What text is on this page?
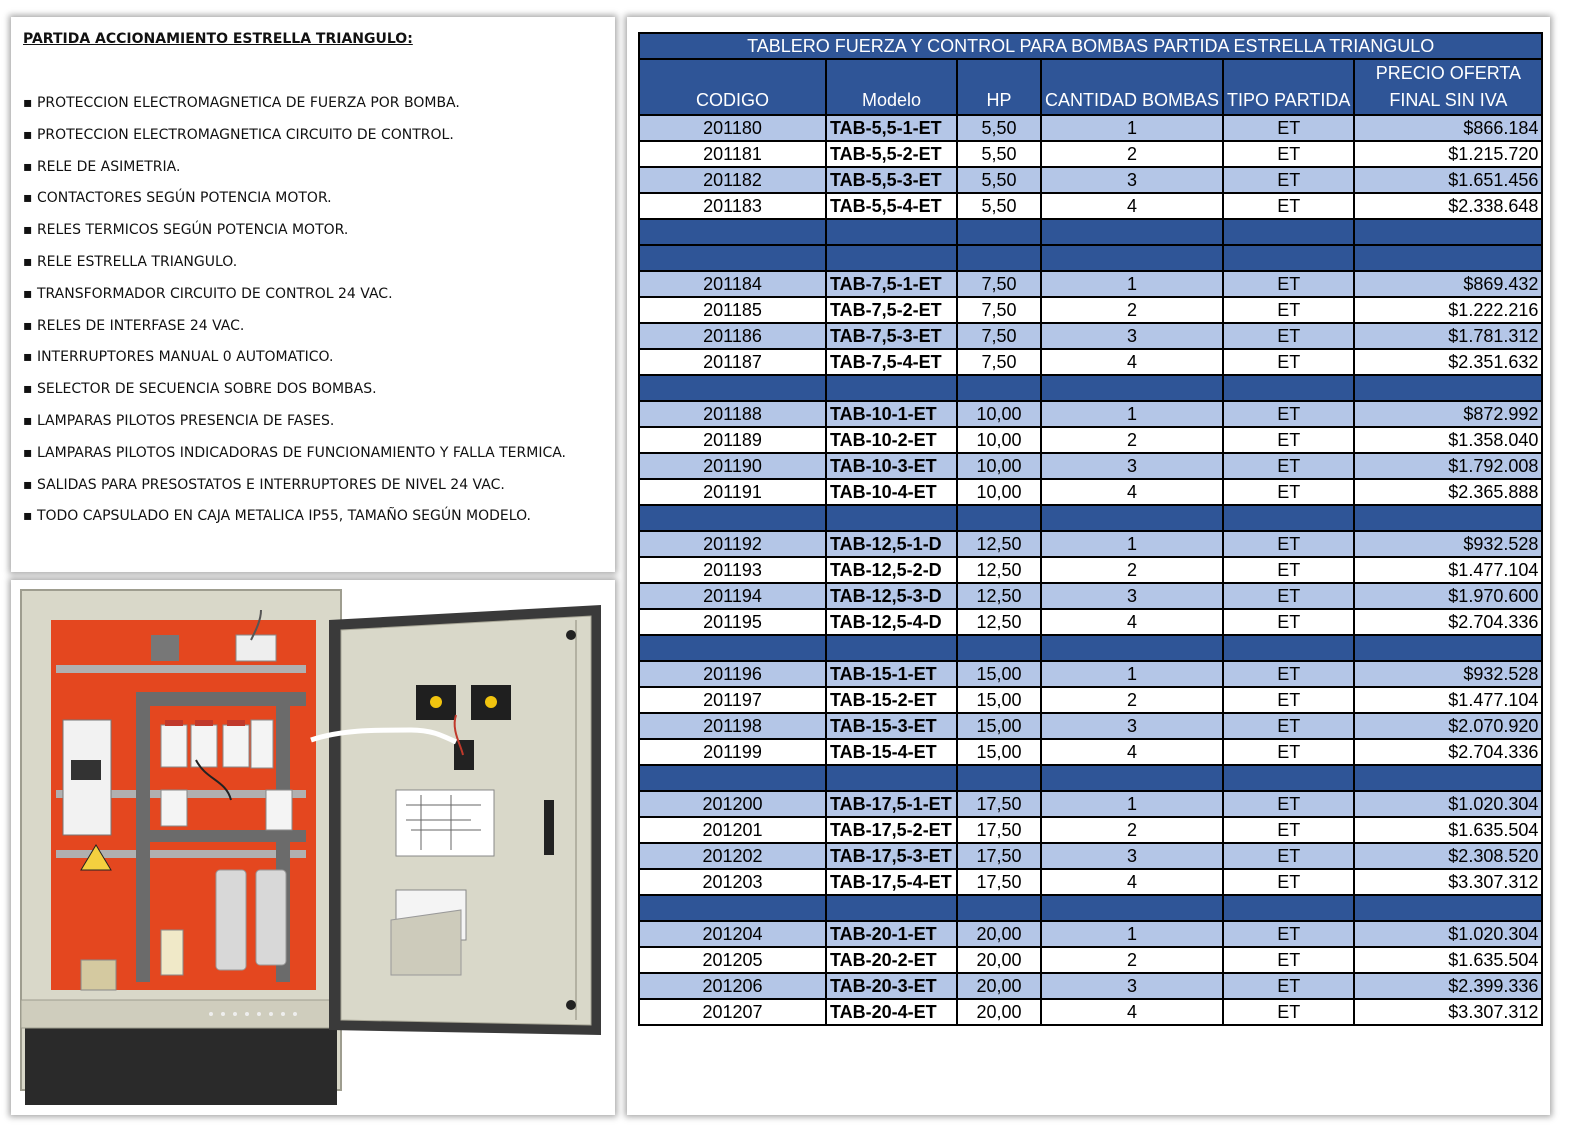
PARTIDA ACCIONAMIENTO ESTRELLA TRIANGULO:
▪ PROTECCION ELECTROMAGNETICA DE FUERZA POR BOMBA.
▪ PROTECCION ELECTROMAGNETICA CIRCUITO DE CONTROL.
▪ RELE DE ASIMETRIA.
▪ CONTACTORES SEGÚN POTENCIA MOTOR.
▪ RELES TERMICOS SEGÚN POTENCIA MOTOR.
▪ RELE ESTRELLA TRIANGULO.
▪ TRANSFORMADOR CIRCUITO DE CONTROL 24 VAC.
▪ RELES DE INTERFASE 24 VAC.
▪ INTERRUPTORES MANUAL 0 AUTOMATICO.
▪ SELECTOR DE SECUENCIA SOBRE DOS BOMBAS.
▪ LAMPARAS PILOTOS PRESENCIA DE FASES.
▪ LAMPARAS PILOTOS INDICADORAS DE FUNCIONAMIENTO Y FALLA TERMICA.
▪ SALIDAS PARA PRESOSTATOS E INTERRUPTORES DE NIVEL 24 VAC.
▪ TODO CAPSULADO EN CAJA METALICA IP55, TAMAÑO SEGÚN MODELO.
TABLERO FUERZA Y CONTROL PARA BOMBAS PARTIDA ESTRELLA TRIANGULO					
CODIGO	Modelo	HP	CANTIDAD BOMBAS	TIPO PARTIDA	PRECIO OFERTA
FINAL SIN IVA
201180	TAB-5,5-1-ET	5,50	1	ET	$866.184
201181	TAB-5,5-2-ET	5,50	2	ET	$1.215.720
201182	TAB-5,5-3-ET	5,50	3	ET	$1.651.456
201183	TAB-5,5-4-ET	5,50	4	ET	$2.338.648

201184	TAB-7,5-1-ET	7,50	1	ET	$869.432
201185	TAB-7,5-2-ET	7,50	2	ET	$1.222.216
201186	TAB-7,5-3-ET	7,50	3	ET	$1.781.312
201187	TAB-7,5-4-ET	7,50	4	ET	$2.351.632

201188	TAB-10-1-ET	10,00	1	ET	$872.992
201189	TAB-10-2-ET	10,00	2	ET	$1.358.040
201190	TAB-10-3-ET	10,00	3	ET	$1.792.008
201191	TAB-10-4-ET	10,00	4	ET	$2.365.888

201192	TAB-12,5-1-D	12,50	1	ET	$932.528
201193	TAB-12,5-2-D	12,50	2	ET	$1.477.104
201194	TAB-12,5-3-D	12,50	3	ET	$1.970.600
201195	TAB-12,5-4-D	12,50	4	ET	$2.704.336

201196	TAB-15-1-ET	15,00	1	ET	$932.528
201197	TAB-15-2-ET	15,00	2	ET	$1.477.104
201198	TAB-15-3-ET	15,00	3	ET	$2.070.920
201199	TAB-15-4-ET	15,00	4	ET	$2.704.336

201200	TAB-17,5-1-ET	17,50	1	ET	$1.020.304
201201	TAB-17,5-2-ET	17,50	2	ET	$1.635.504
201202	TAB-17,5-3-ET	17,50	3	ET	$2.308.520
201203	TAB-17,5-4-ET	17,50	4	ET	$3.307.312

201204	TAB-20-1-ET	20,00	1	ET	$1.020.304
201205	TAB-20-2-ET	20,00	2	ET	$1.635.504
201206	TAB-20-3-ET	20,00	3	ET	$2.399.336
201207	TAB-20-4-ET	20,00	4	ET	$3.307.312
